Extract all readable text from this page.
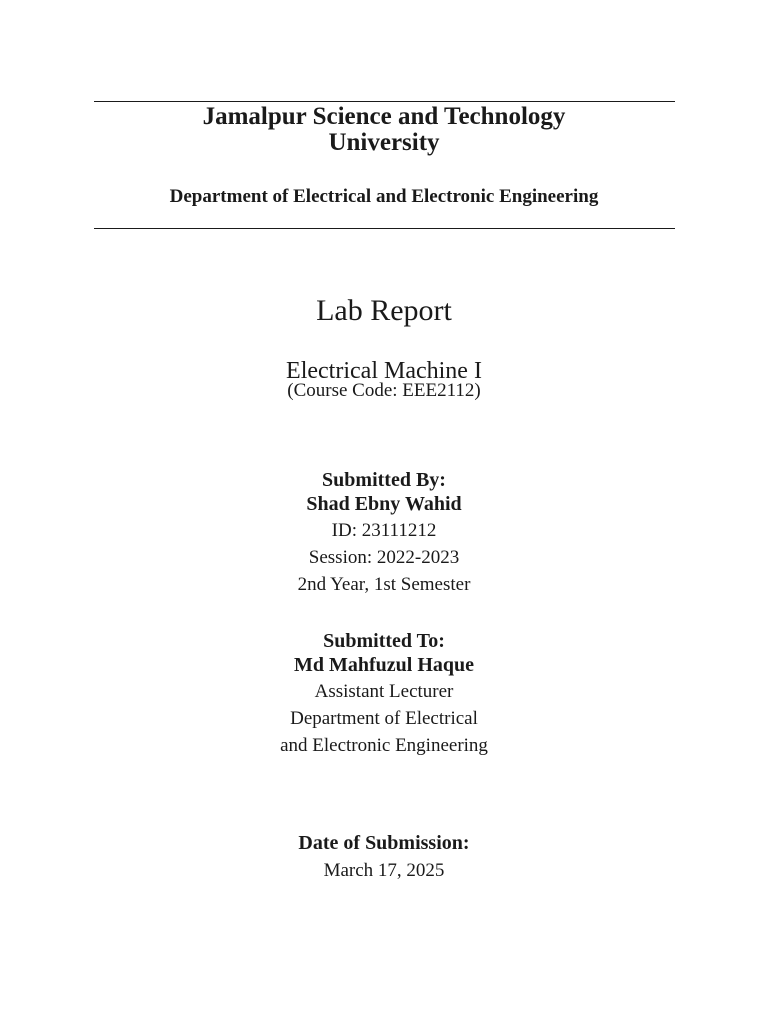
Jamalpur Science and Technology
University
Department of Electrical and Electronic Engineering
Lab Report
Electrical Machine I
(Course Code: EEE2112)
Submitted By:
Shad Ebny Wahid
ID: 23111212
Session: 2022-2023
2nd Year, 1st Semester
Submitted To:
Md Mahfuzul Haque
Assistant Lecturer
Department of Electrical
and Electronic Engineering
Date of Submission:
March 17, 2025
